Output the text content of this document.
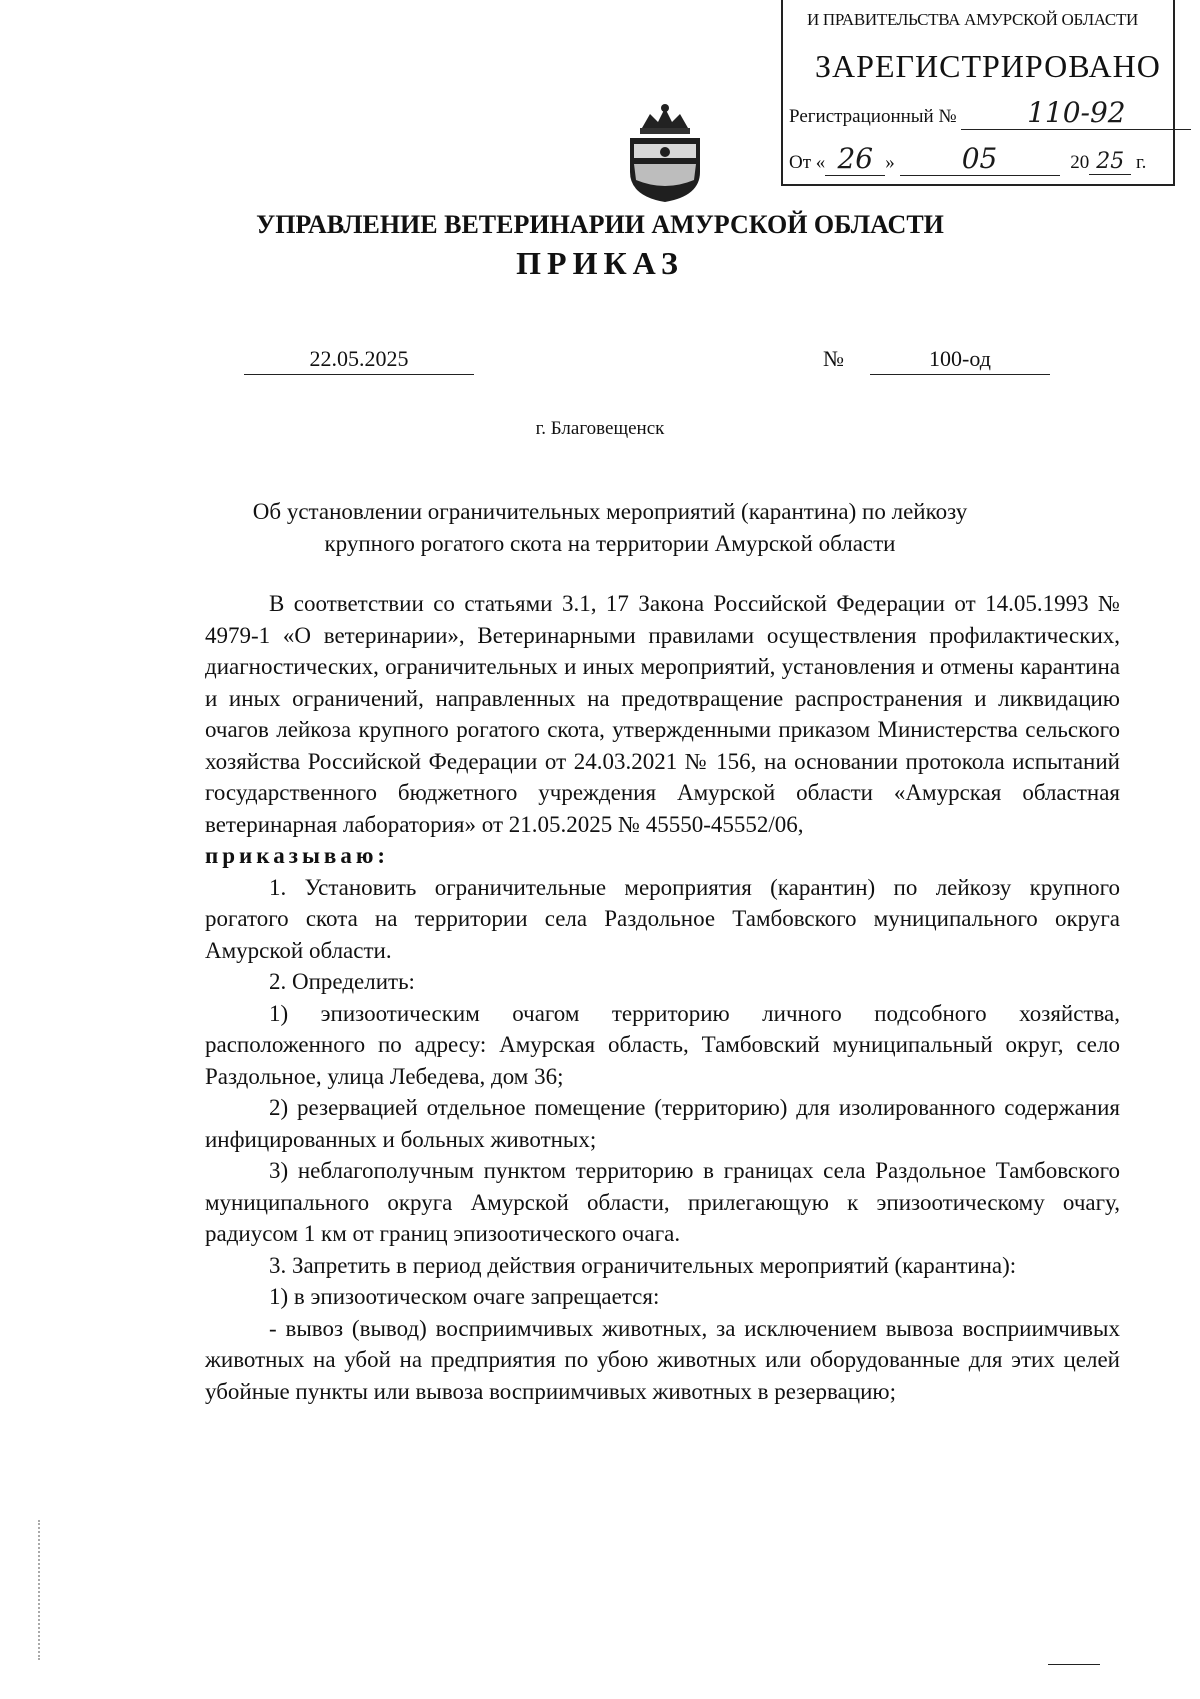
И ПРАВИТЕЛЬСТВА АМУРСКОЙ ОБЛАСТИ
ЗАРЕГИСТРИРОВАНО
Регистрационный №	110-92
От « 26 » 05	20 25 г.
УПРАВЛЕНИЕ ВЕТЕРИНАРИИ АМУРСКОЙ ОБЛАСТИ
ПРИКАЗ
22.05.2025	№	100-од
г. Благовещенск
Об установлении ограничительных мероприятий (карантина) по лейкозу
крупного рогатого скота на территории Амурской области

В соответствии со статьями 3.1, 17 Закона Российской Федерации от 14.05.1993 № 4979-1 «О ветеринарии», Ветеринарными правилами осуществления профилактических, диагностических, ограничительных и иных мероприятий, установления и отмены карантина и иных ограничений, направленных на предотвращение распространения и ликвидацию очагов лейкоза крупного рогатого скота, утвержденными приказом Министерства сельского хозяйства Российской Федерации от 24.03.2021 № 156, на основании протокола испытаний государственного бюджетного учреждения Амурской области «Амурская областная ветеринарная лаборатория» от 21.05.2025 № 45550-45552/06,

приказываю:

1. Установить ограничительные мероприятия (карантин) по лейкозу крупного рогатого скота на территории села Раздольное Тамбовского муниципального округа Амурской области.

2. Определить:

1) эпизоотическим очагом территорию личного подсобного хозяйства, расположенного по адресу: Амурская область, Тамбовский муниципальный округ, село Раздольное, улица Лебедева, дом 36;

2) резервацией отдельное помещение (территорию) для изолированного содержания инфицированных и больных животных;

3) неблагополучным пунктом территорию в границах села Раздольное Тамбовского муниципального округа Амурской области, прилегающую к эпизоотическому очагу, радиусом 1 км от границ эпизоотического очага.

3. Запретить в период действия ограничительных мероприятий (карантина):

1) в эпизоотическом очаге запрещается:

- вывоз (вывод) восприимчивых животных, за исключением вывоза восприимчивых животных на убой на предприятия по убою животных или оборудованные для этих целей убойные пункты или вывоза восприимчивых животных в резервацию;
